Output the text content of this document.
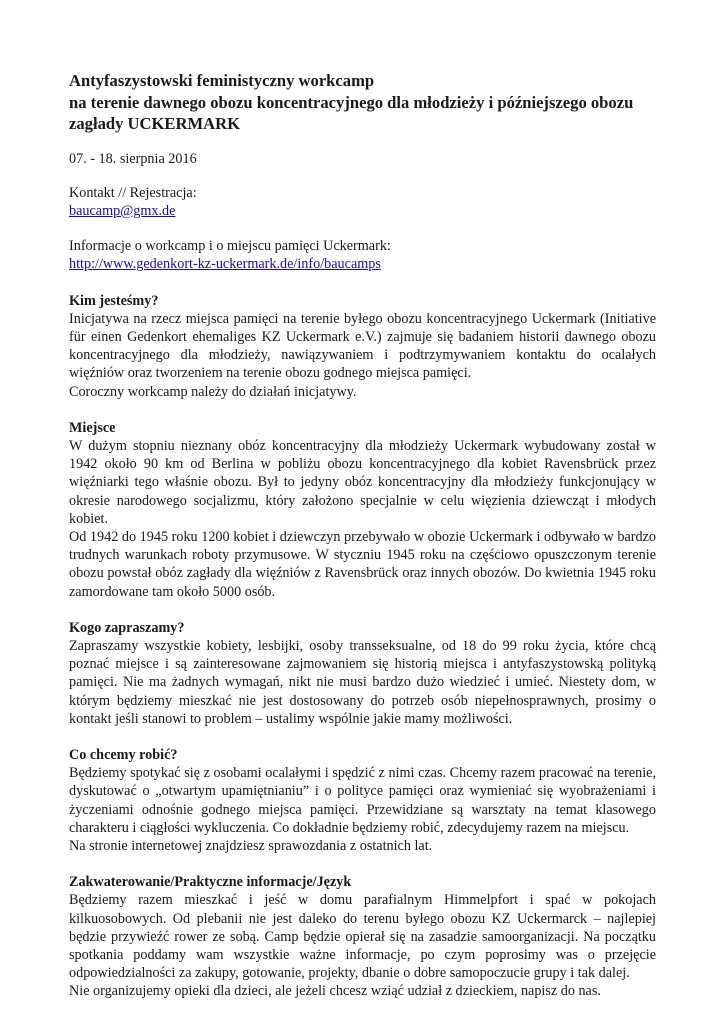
Antyfaszystowski feministyczny workcamp
na terenie dawnego obozu koncentracyjnego dla młodzieży i późniejszego obozu zagłady UCKERMARK
07. - 18. sierpnia 2016
Kontakt // Rejestracja:
baucamp@gmx.de
Informacje o workcamp i o miejscu pamięci Uckermark:
http://www.gedenkort-kz-uckermark.de/info/baucamps
Kim jesteśmy?

Inicjatywa na rzecz miejsca pamięci na terenie byłego obozu koncentracyjnego Uckermark (Initiative für einen Gedenkort ehemaliges KZ Uckermark e.V.) zajmuje się badaniem historii dawnego obozu koncentracyjnego dla młodzieży, nawiązywaniem i podtrzymywaniem kontaktu do ocalałych więźniów oraz tworzeniem na terenie obozu godnego miejsca pamięci.

Coroczny workcamp należy do działań inicjatywy.

Miejsce

W dużym stopniu nieznany obóz koncentracyjny dla młodzieży Uckermark wybudowany został w 1942 około 90 km od Berlina w pobliżu obozu koncentracyjnego dla kobiet Ravensbrück przez więźniarki tego właśnie obozu. Był to jedyny obóz koncentracyjny dla młodzieży funkcjonujący w okresie narodowego socjalizmu, który założono specjalnie w celu więzienia dziewcząt i młodych kobiet.

Od 1942 do 1945 roku 1200 kobiet i dziewczyn przebywało w obozie Uckermark i odbywało w bardzo trudnych warunkach roboty przymusowe. W styczniu 1945 roku na częściowo opuszczonym terenie obozu powstał obóz zagłady dla więźniów z Ravensbrück oraz innych obozów. Do kwietnia 1945 roku zamordowane tam około 5000 osób.

Kogo zapraszamy?

Zapraszamy wszystkie kobiety, lesbijki, osoby transseksualne, od 18 do 99 roku życia, które chcą poznać miejsce i są zainteresowane zajmowaniem się historią miejsca i antyfaszystowską polityką pamięci. Nie ma żadnych wymagań, nikt nie musi bardzo dużo wiedzieć i umieć. Niestety dom, w którym będziemy mieszkać nie jest dostosowany do potrzeb osób niepełnosprawnych, prosimy o kontakt jeśli stanowi to problem – ustalimy wspólnie jakie mamy możliwości.

Co chcemy robić?

Będziemy spotykać się z osobami ocalałymi i spędzić z nimi czas. Chcemy razem pracować na terenie, dyskutować o „otwartym upamiętnianiu” i o polityce pamięci oraz wymieniać się wyobrażeniami i życzeniami odnośnie godnego miejsca pamięci. Przewidziane są warsztaty na temat klasowego charakteru i ciągłości wykluczenia. Co dokładnie będziemy robić, zdecydujemy razem na miejscu.

Na stronie internetowej znajdziesz sprawozdania z ostatnich lat.

Zakwaterowanie/Praktyczne informacje/Język

Będziemy razem mieszkać i jeść w domu parafialnym Himmelpfort i spać w pokojach kilkuosobowych. Od plebanii nie jest daleko do terenu byłego obozu KZ Uckermarck – najlepiej będzie przywieźć rower ze sobą. Camp będzie opierał się na zasadzie samoorganizacji. Na początku spotkania poddamy wam wszystkie ważne informacje, po czym poprosimy was o przejęcie odpowiedzialności za zakupy, gotowanie, projekty, dbanie o dobre samopoczucie grupy i tak dalej.

Nie organizujemy opieki dla dzieci, ale jeżeli chcesz wziąć udział z dzieckiem, napisz do nas.
